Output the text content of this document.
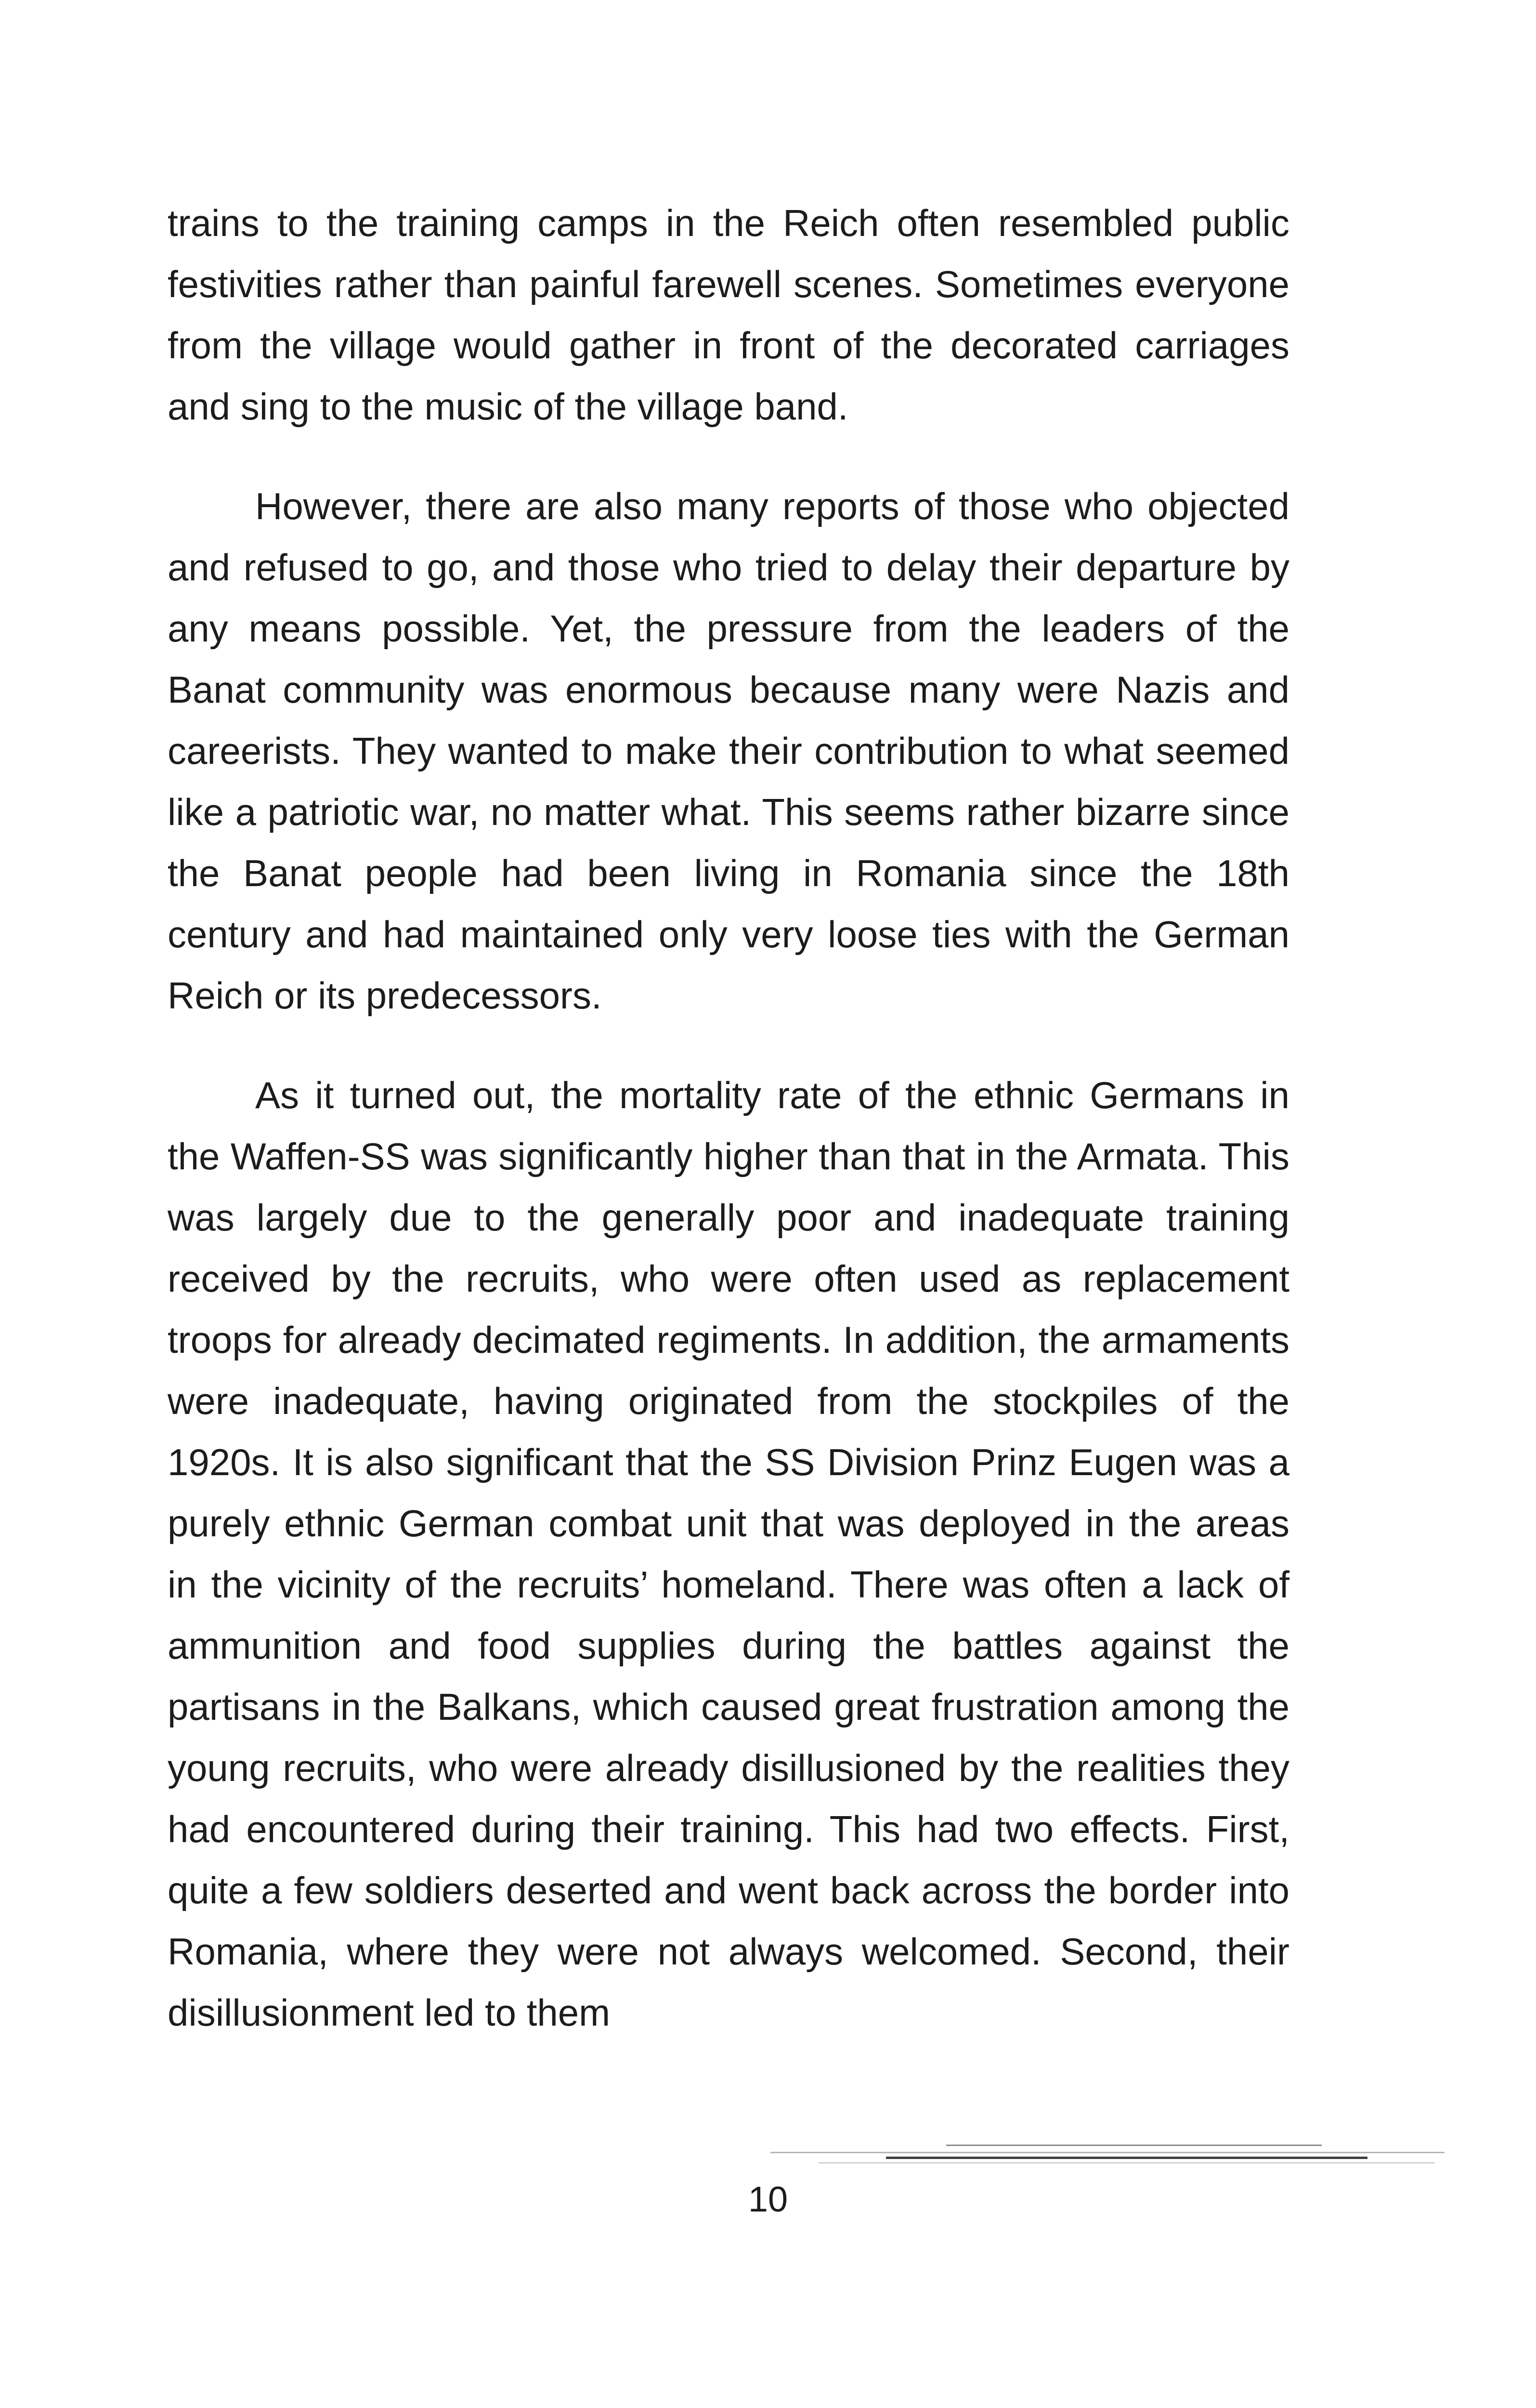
trains to the training camps in the Reich often resembled public festivities rather than painful farewell scenes. Sometimes everyone from the village would gather in front of the decorated carriages and sing to the music of the village band.

However, there are also many reports of those who objected and refused to go, and those who tried to delay their departure by any means possible. Yet, the pressure from the leaders of the Banat community was enormous because many were Nazis and careerists. They wanted to make their contribution to what seemed like a patriotic war, no matter what. This seems rather bizarre since the Banat people had been living in Romania since the 18th century and had maintained only very loose ties with the German Reich or its predecessors.

As it turned out, the mortality rate of the ethnic Germans in the Waffen-SS was significantly higher than that in the Armata. This was largely due to the generally poor and inadequate training received by the recruits, who were often used as replacement troops for already decimated regiments. In addition, the armaments were inadequate, having originated from the stockpiles of the 1920s. It is also significant that the SS Division Prinz Eugen was a purely ethnic German combat unit that was deployed in the areas in the vicinity of the recruits’ homeland. There was often a lack of ammunition and food supplies during the battles against the partisans in the Balkans, which caused great frustration among the young recruits, who were already disillusioned by the realities they had encountered during their training. This had two effects. First, quite a few soldiers deserted and went back across the border into Romania, where they were not always welcomed. Second, their disillusionment led to them

10
